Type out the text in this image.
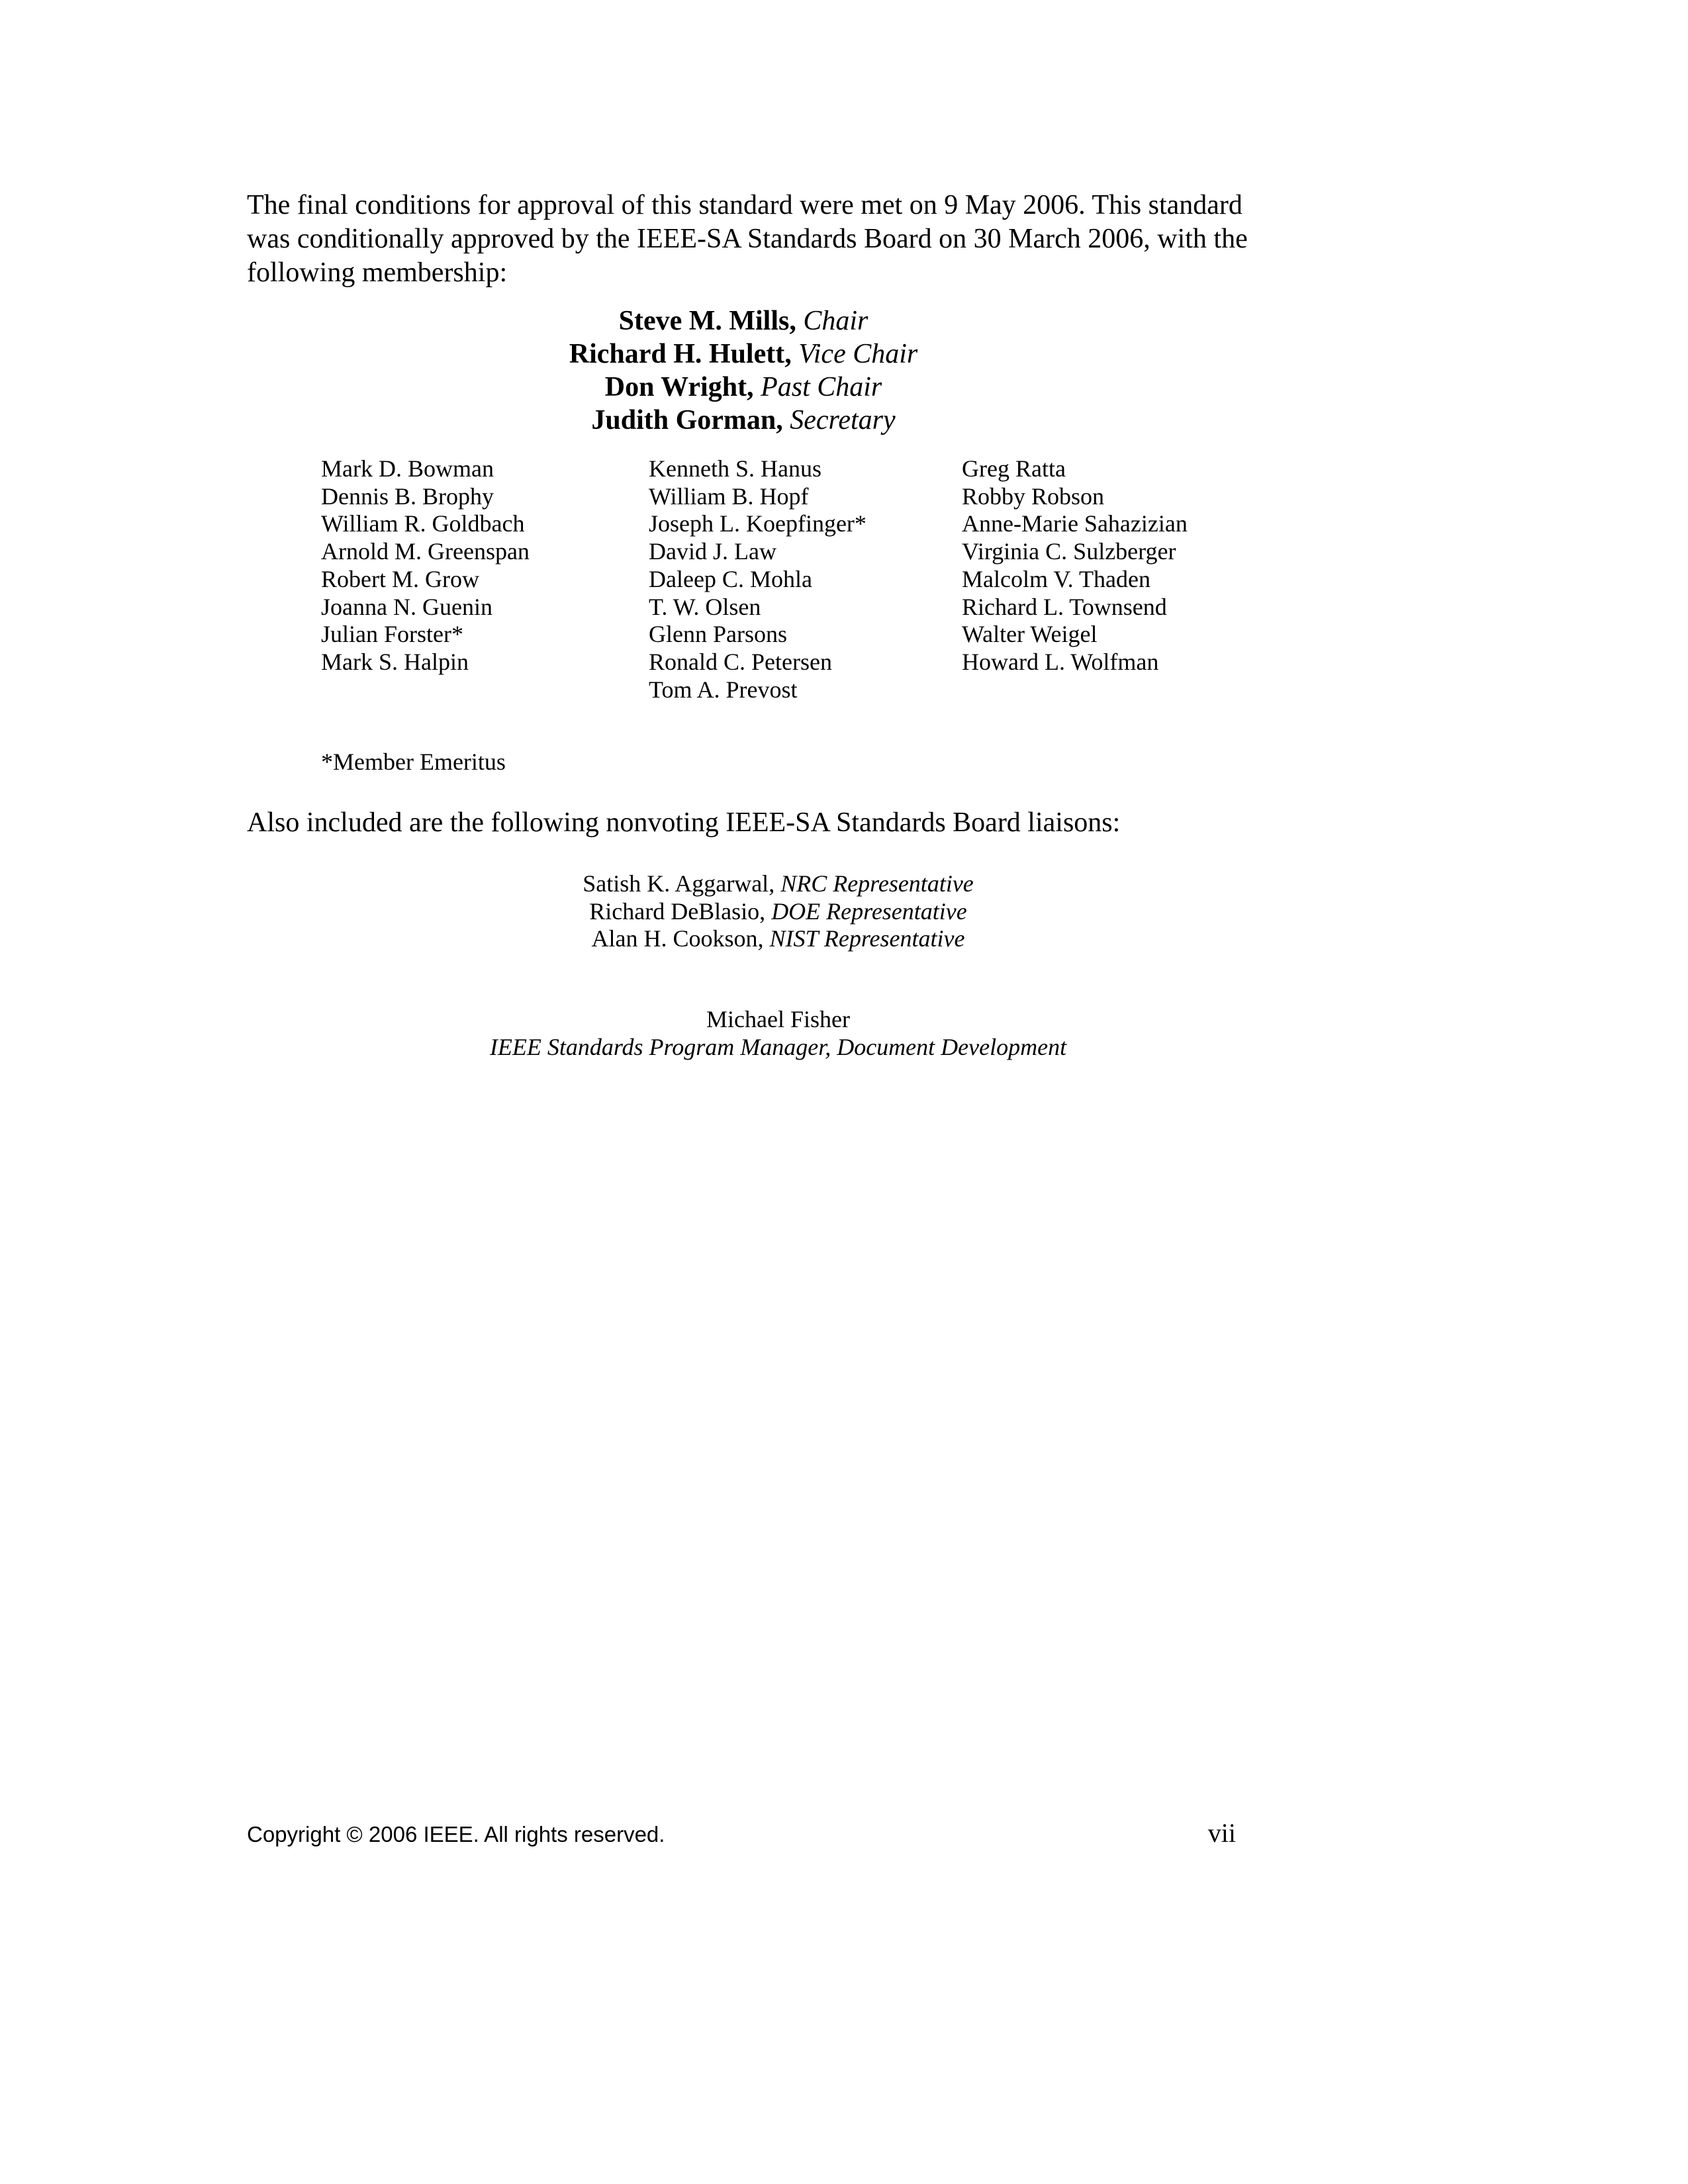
The final conditions for approval of this standard were met on 9 May 2006. This standard was conditionally approved by the IEEE-SA Standards Board on 30 March 2006, with the following membership:

Steve M. Mills, Chair
Richard H. Hulett, Vice Chair
Don Wright, Past Chair
Judith Gorman, Secretary
Mark D. Bowman
Dennis B. Brophy
William R. Goldbach
Arnold M. Greenspan
Robert M. Grow
Joanna N. Guenin
Julian Forster*
Mark S. Halpin
Kenneth S. Hanus
William B. Hopf
Joseph L. Koepfinger*
David J. Law
Daleep C. Mohla
T. W. Olsen
Glenn Parsons
Ronald C. Petersen
Tom A. Prevost
Greg Ratta
Robby Robson
Anne-Marie Sahazizian
Virginia C. Sulzberger
Malcolm V. Thaden
Richard L. Townsend
Walter Weigel
Howard L. Wolfman
*Member Emeritus
Also included are the following nonvoting IEEE-SA Standards Board liaisons:
Satish K. Aggarwal, NRC Representative
Richard DeBlasio, DOE Representative
Alan H. Cookson, NIST Representative
Michael Fisher
IEEE Standards Program Manager, Document Development
Copyright © 2006 IEEE. All rights reserved.	vii
